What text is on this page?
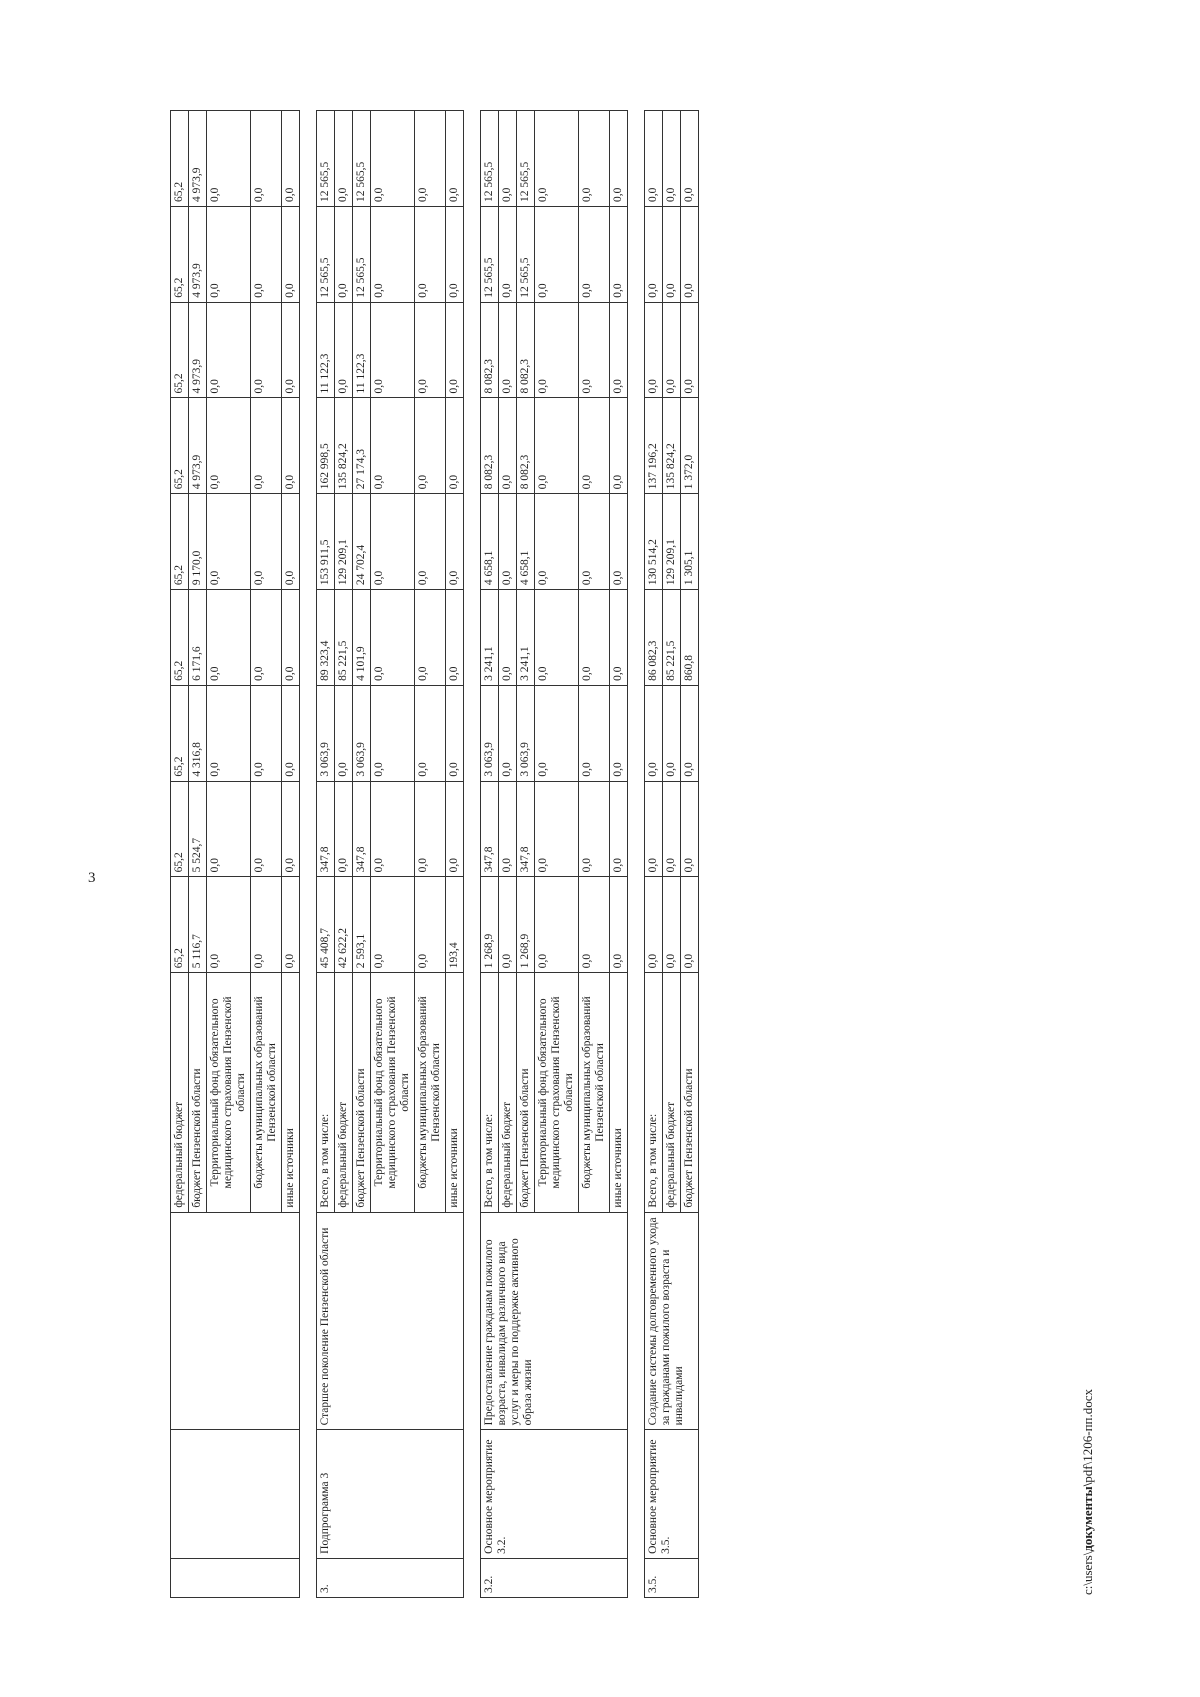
3
c:\users\документы\pdf\1206-пп.docx
			федеральный бюджет	65,2	65,2	65,2	65,2	65,2	65,2	65,2	65,2	65,2
			бюджет Пензенской области	5 116,7	5 524,7	4 316,8	6 171,6	9 170,0	4 973,9	4 973,9	4 973,9	4 973,9
			Территориальный фонд обязательного медицинского страхования Пензенской области	0,0	0,0	0,0	0,0	0,0	0,0	0,0	0,0	0,0
			бюджеты муниципальных образований Пензенской области	0,0	0,0	0,0	0,0	0,0	0,0	0,0	0,0	0,0
			иные источники	0,0	0,0	0,0	0,0	0,0	0,0	0,0	0,0	0,0
3.	Подпрограмма 3	Старшее поколение Пензенской области	Всего, в том числе:	45 408,7	347,8	3 063,9	89 323,4	153 911,5	162 998,5	11 122,3	12 565,5	12 565,5
			федеральный бюджет	42 622,2	0,0	0,0	85 221,5	129 209,1	135 824,2	0,0	0,0	0,0
			бюджет Пензенской области	2 593,1	347,8	3 063,9	4 101,9	24 702,4	27 174,3	11 122,3	12 565,5	12 565,5
			Территориальный фонд обязательного медицинского страхования Пензенской области	0,0	0,0	0,0	0,0	0,0	0,0	0,0	0,0	0,0
			бюджеты муниципальных образований Пензенской области	0,0	0,0	0,0	0,0	0,0	0,0	0,0	0,0	0,0
			иные источники	193,4	0,0	0,0	0,0	0,0	0,0	0,0	0,0	0,0
3.2.	Основное мероприятие 3.2.	Предоставление гражданам пожилого возраста, инвалидам различного вида услуг и меры по поддержке активного образа жизни	Всего, в том числе:	1 268,9	347,8	3 063,9	3 241,1	4 658,1	8 082,3	8 082,3	12 565,5	12 565,5
			федеральный бюджет	0,0	0,0	0,0	0,0	0,0	0,0	0,0	0,0	0,0
			бюджет Пензенской области	1 268,9	347,8	3 063,9	3 241,1	4 658,1	8 082,3	8 082,3	12 565,5	12 565,5
			Территориальный фонд обязательного медицинского страхования Пензенской области	0,0	0,0	0,0	0,0	0,0	0,0	0,0	0,0	0,0
			бюджеты муниципальных образований Пензенской области	0,0	0,0	0,0	0,0	0,0	0,0	0,0	0,0	0,0
			иные источники	0,0	0,0	0,0	0,0	0,0	0,0	0,0	0,0	0,0
3.5.	Основное мероприятие 3.5.	Создание системы долговременного ухода за гражданами пожилого возраста и инвалидами	Всего, в том числе:	0,0	0,0	0,0	86 082,3	130 514,2	137 196,2	0,0	0,0	0,0
			федеральный бюджет	0,0	0,0	0,0	85 221,5	129 209,1	135 824,2	0,0	0,0	0,0
			бюджет Пензенской области	0,0	0,0	0,0	860,8	1 305,1	1 372,0	0,0	0,0	0,0
